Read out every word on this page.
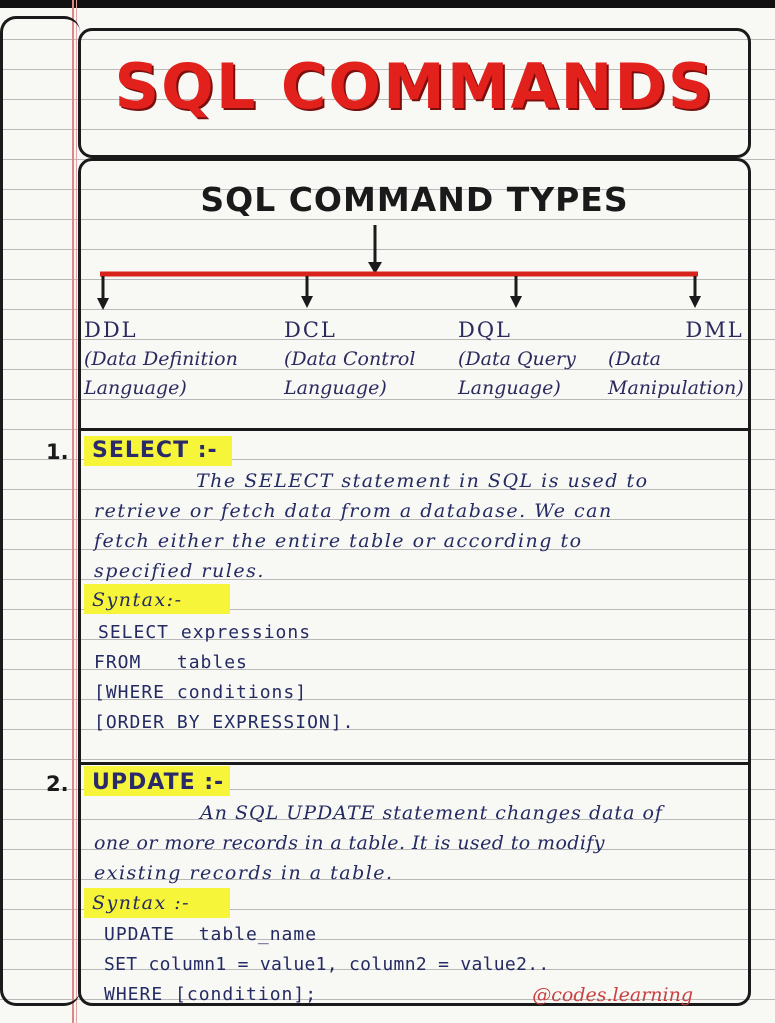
SQL COMMANDS
SQL COMMAND TYPES
DDL
(Data Definition
Language)
DCL
(Data Control
Language)
DQL
(Data Query
Language)
DML
(Data
Manipulation)
1. SELECT :-
The SELECT statement in SQL is used to
retrieve or fetch data from a database. We can
fetch either the entire table or according to
specified rules.
Syntax:-
SELECT expressions
FROM   tables
[WHERE conditions]
[ORDER BY EXPRESSION].
2. UPDATE :-
An SQL UPDATE statement changes data of
one or more records in a table. It is used to modify
existing records in a table.
Syntax :-
UPDATE  table_name
SET column1 = value1, column2 = value2..
WHERE [condition];	@codes.learning
